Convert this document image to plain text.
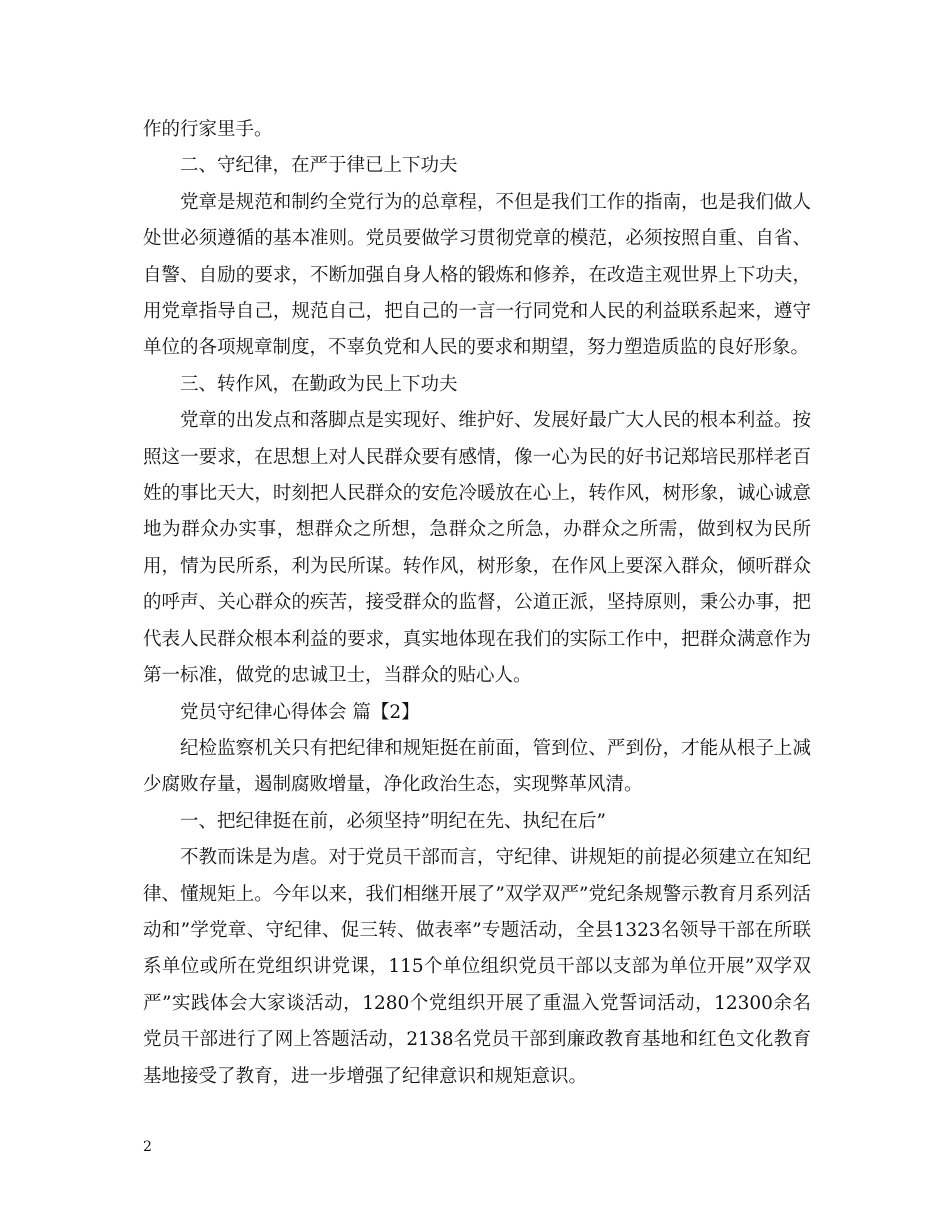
作的行家里手。

二、守纪律，在严于律已上下功夫

党章是规范和制约全党行为的总章程，不但是我们工作的指南，也是我们做人处世必须遵循的基本准则。党员要做学习贯彻党章的模范，必须按照自重、自省、自警、自励的要求，不断加强自身人格的锻炼和修养，在改造主观世界上下功夫，用党章指导自己，规范自己，把自己的一言一行同党和人民的利益联系起来，遵守单位的各项规章制度，不辜负党和人民的要求和期望，努力塑造质监的良好形象。

三、转作风，在勤政为民上下功夫

党章的出发点和落脚点是实现好、维护好、发展好最广大人民的根本利益。按照这一要求，在思想上对人民群众要有感情，像一心为民的好书记郑培民那样老百姓的事比天大，时刻把人民群众的安危冷暖放在心上，转作风，树形象，诚心诚意地为群众办实事，想群众之所想，急群众之所急，办群众之所需，做到权为民所用，情为民所系，利为民所谋。转作风，树形象，在作风上要深入群众，倾听群众的呼声、关心群众的疾苦，接受群众的监督，公道正派，坚持原则，秉公办事，把代表人民群众根本利益的要求，真实地体现在我们的实际工作中，把群众满意作为第一标准，做党的忠诚卫士，当群众的贴心人。

党员守纪律心得体会 篇【2】

纪检监察机关只有把纪律和规矩挺在前面，管到位、严到份，才能从根子上减少腐败存量，遏制腐败增量，净化政治生态，实现弊革风清。

一、把纪律挺在前，必须坚持”明纪在先、执纪在后”

不教而诛是为虐。对于党员干部而言，守纪律、讲规矩的前提必须建立在知纪律、懂规矩上。今年以来，我们相继开展了”双学双严”党纪条规警示教育月系列活动和”学党章、守纪律、促三转、做表率”专题活动，全县1323名领导干部在所联系单位或所在党组织讲党课，115个单位组织党员干部以支部为单位开展”双学双严”实践体会大家谈活动，1280个党组织开展了重温入党誓词活动，12300余名党员干部进行了网上答题活动，2138名党员干部到廉政教育基地和红色文化教育基地接受了教育，进一步增强了纪律意识和规矩意识。

2
